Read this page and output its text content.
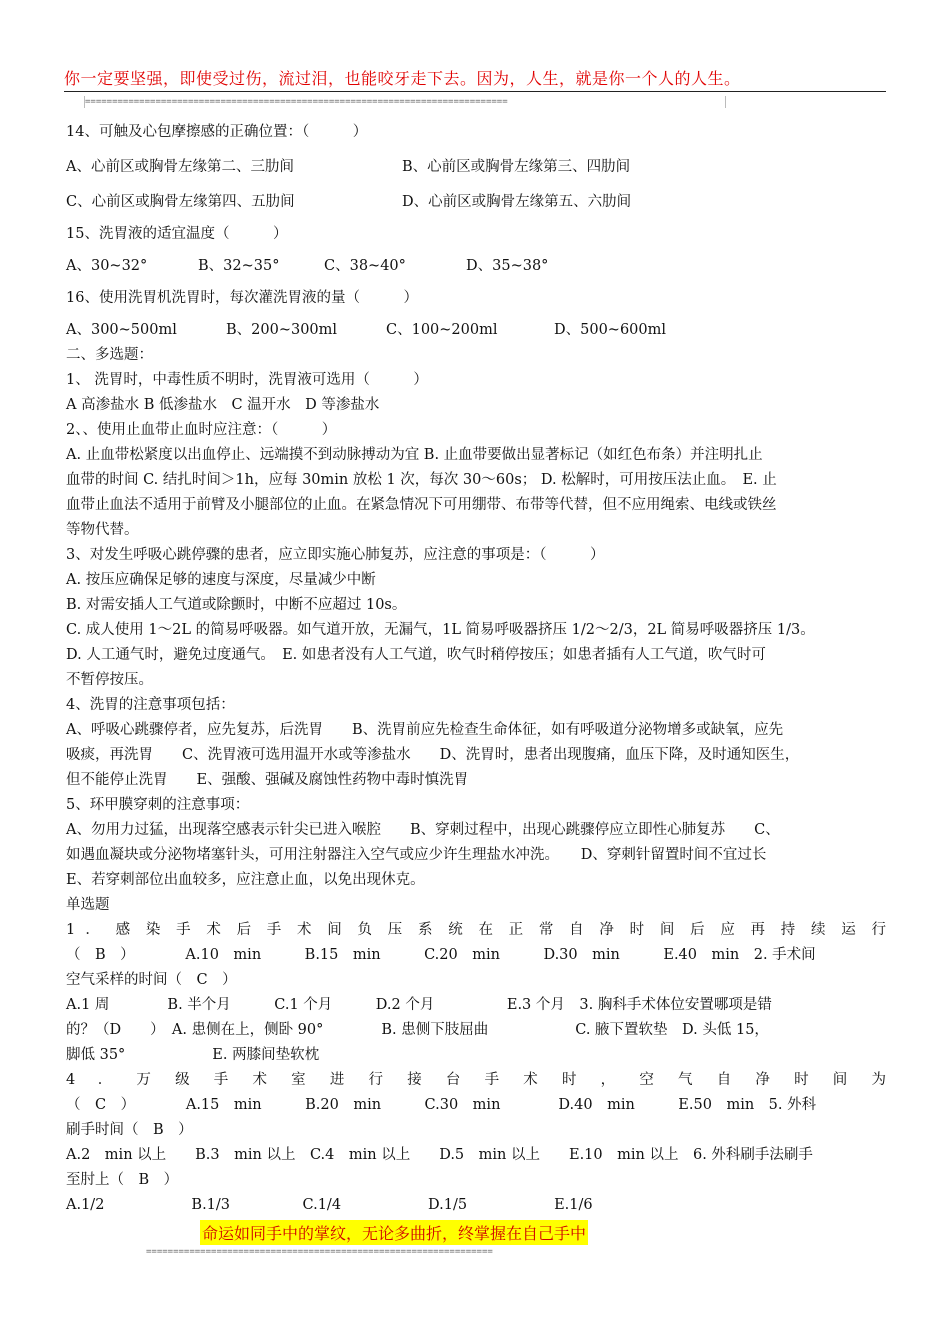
你一定要坚强，即使受过伤，流过泪，也能咬牙走下去。因为，人生，就是你一个人的人生。
==============================================================================

14、可触及心包摩擦感的正确位置：（　　　）

A、心前区或胸骨左缘第二、三肋间	B、心前区或胸骨左缘第三、四肋间
C、心前区或胸骨左缘第四、五肋间	D、心前区或胸骨左缘第五、六肋间

15、洗胃液的适宜温度（　　　）

A、30~32°	B、32~35°	C、38~40°	D、35~38°

16、使用洗胃机洗胃时，每次灌洗胃液的量（　　　）

A、300~500ml	B、200~300ml	C、100~200ml	D、500~600ml

二、多选题：

1、 洗胃时，中毒性质不明时，洗胃液可选用（　　　）

A 高渗盐水 B 低渗盐水　C 温开水　D 等渗盐水

2、、使用止血带止血时应注意：（　　　）

A. 止血带松紧度以出血停止、远端摸不到动脉搏动为宜 B. 止血带要做出显著标记（如红色布条）并注明扎止

血带的时间 C. 结扎时间＞1h，应每 30min 放松 1 次，每次 30～60s； D. 松解时，可用按压法止血。　E. 止

血带止血法不适用于前臂及小腿部位的止血。在紧急情况下可用绷带、布带等代替，但不应用绳索、电线或铁丝

等物代替。

3、对发生呼吸心跳停骤的患者，应立即实施心肺复苏，应注意的事项是：（　　　）

A. 按压应确保足够的速度与深度，尽量减少中断

B. 对需安插人工气道或除颤时，中断不应超过 10s。

C. 成人使用 1～2L 的简易呼吸器。如气道开放，无漏气，1L 简易呼吸器挤压 1/2～2/3，2L 简易呼吸器挤压 1/3。

D. 人工通气时，避免过度通气。　E. 如患者没有人工气道，吹气时稍停按压；如患者插有人工气道，吹气时可

不暂停按压。

4、洗胃的注意事项包括：

A、呼吸心跳骤停者，应先复苏，后洗胃　　B、洗胃前应先检查生命体征，如有呼吸道分泌物增多或缺氧，应先

吸痰，再洗胃　　C、洗胃液可选用温开水或等渗盐水　　D、洗胃时，患者出现腹痛，血压下降，及时通知医生，

但不能停止洗胃　　E、强酸、强碱及腐蚀性药物中毒时慎洗胃

5、环甲膜穿刺的注意事项：

A、勿用力过猛，出现落空感表示针尖已进入喉腔　　B、穿刺过程中，出现心跳骤停应立即性心肺复苏　　C、

如遇血凝块或分泌物堵塞针头，可用注射器注入空气或应少许生理盐水冲洗。　　D、穿刺针留置时间不宜过长

E、若穿刺部位出血较多，应注意止血，以免出现休克。

单选题

1 ． 感 染 手 术 后 手 术 间 负 压 系 统 在 正 常 自 净 时 间 后 应 再 持 续 运 行

（　B　）　　　　A.10　min　　　B.15　min　　　C.20　min　　　D.30　min　　　E.40　min　2. 手术间

空气采样的时间（　C　）

A.1 周　　　　B. 半个月　　　C.1 个月　　　D.2 个月　　　　　E.3 个月　3. 胸科手术体位安置哪项是错

的？（D　　）　A. 患侧在上，侧卧 90°　　　　B. 患侧下肢屈曲　　　　　　C. 腋下置软垫　D. 头低 15，

脚低 35°　　　　　　E. 两膝间垫软枕

4 　． 　万 　级 　手 　术 　室 　进 　行 　接 　台 　手 　术 　时 　， 　空 　气 　自 　净 　时 　间 　为

（　C　）　　　　A.15　min　　　B.20　min　　　C.30　min　　　　D.40　min　　　E.50　min　5. 外科

刷手时间（　B　）

A.2　min 以上　　B.3　min 以上　C.4　min 以上　　D.5　min 以上　　E.10　min 以上　6. 外科刷手法刷手

至肘上（　B　）

A.1/2　　　　　　B.1/3　　　　　C.1/4　　　　　　D.1/5　　　　　　E.1/6

命运如同手中的掌纹，无论多曲折，终掌握在自己手中
================================================================
